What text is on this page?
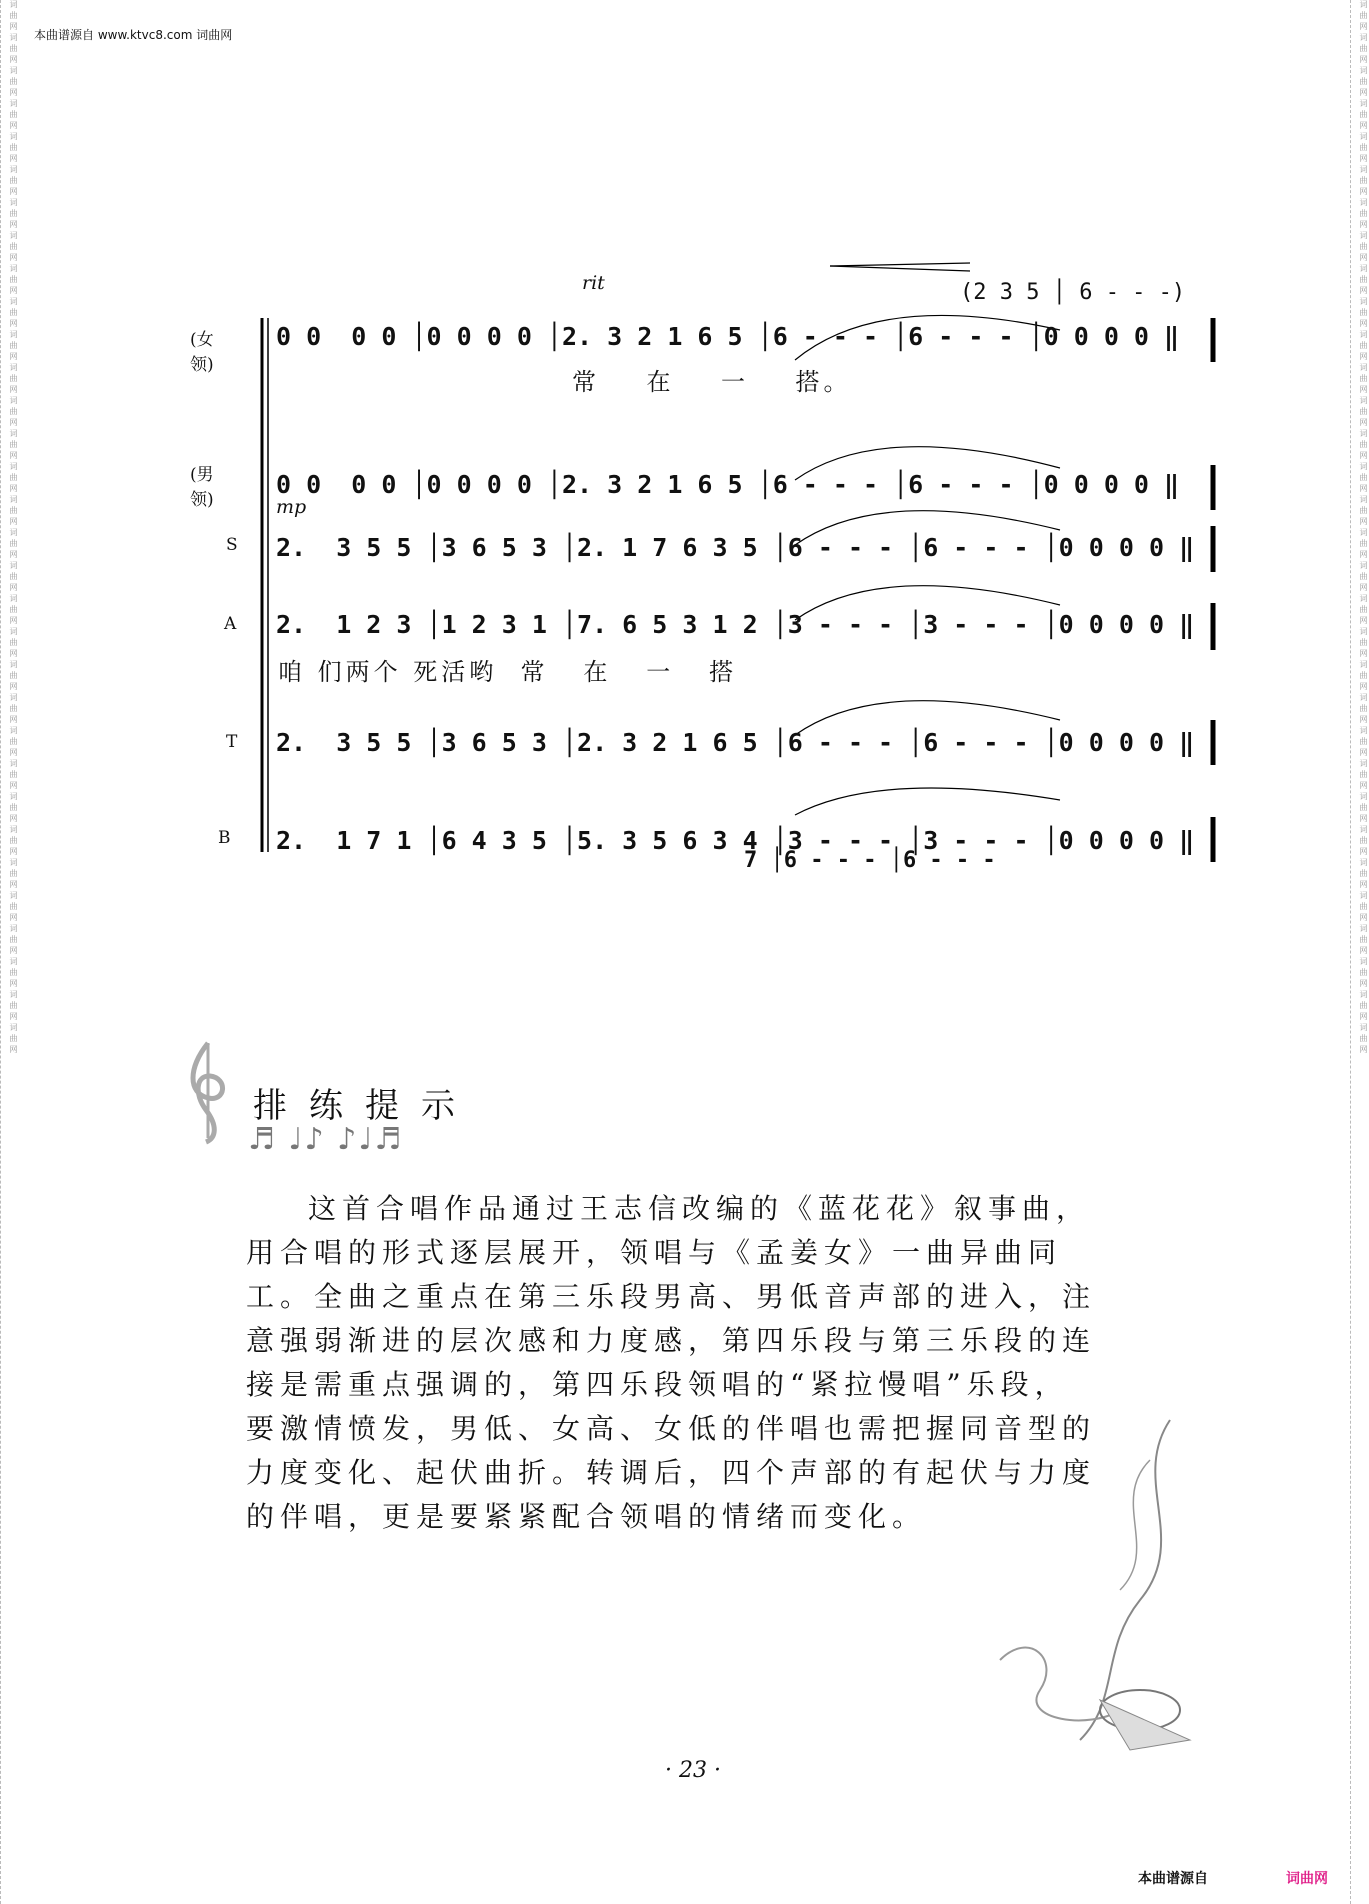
词曲网词曲网词曲网词曲网词曲网词曲网词曲网词曲网词曲网词曲网词曲网词曲网词曲网词曲网词曲网词曲网词曲网词曲网词曲网词曲网词曲网词曲网词曲网词曲网词曲网词曲网词曲网词曲网词曲网词曲网词曲网词曲网	词曲网词曲网词曲网词曲网词曲网词曲网词曲网词曲网词曲网词曲网词曲网词曲网词曲网词曲网词曲网词曲网词曲网词曲网词曲网词曲网词曲网词曲网词曲网词曲网词曲网词曲网词曲网词曲网词曲网词曲网词曲网词曲网
本曲谱源自 www.ktvc8.com 词曲网
rit	(2 3 5 │ 6 - - -)
mp
(女领)
0 0  0 0 │0 0 0 0 │2. 3 2 1 6 5 │6 - - - │6 - - - │0 0 0 0 ‖
常    在    一    搭。
(男领)
0 0  0 0 │0 0 0 0 │2. 3 2 1 6 5 │6 - - - │6 - - - │0 0 0 0 ‖
S 2.  3 5 5 │3 6 5 3 │2. 1 7 6 3 5 │6 - - - │6 - - - │0 0 0 0 ‖
A 2.  1 2 3 │1 2 3 1 │7. 6 5 3 1 2 │3 - - - │3 - - - │0 0 0 0 ‖
咱 们两个 死活哟  常   在   一   搭
T 2.  3 5 5 │3 6 5 3 │2. 3 2 1 6 5 │6 - - - │6 - - - │0 0 0 0 ‖
B 2.  1 7 1 │6 4 3 5 │5. 3 5 6 3 4 │3 - - - │3 - - - │0 0 0 0 ‖
7 │6 - - - │6 - - -
排练提示
♬ ♩♪ ♪♩♬
这首合唱作品通过王志信改编的《蓝花花》叙事曲，用合唱的形式逐层展开，领唱与《孟姜女》一曲异曲同工。全曲之重点在第三乐段男高、男低音声部的进入，注意强弱渐进的层次感和力度感，第四乐段与第三乐段的连接是需重点强调的，第四乐段领唱的“紧拉慢唱”乐段，要激情愤发，男低、女高、女低的伴唱也需把握同音型的力度变化、起伏曲折。转调后，四个声部的有起伏与力度的伴唱，更是要紧紧配合领唱的情绪而变化。
· 23 ·
本曲谱源自	词曲网
